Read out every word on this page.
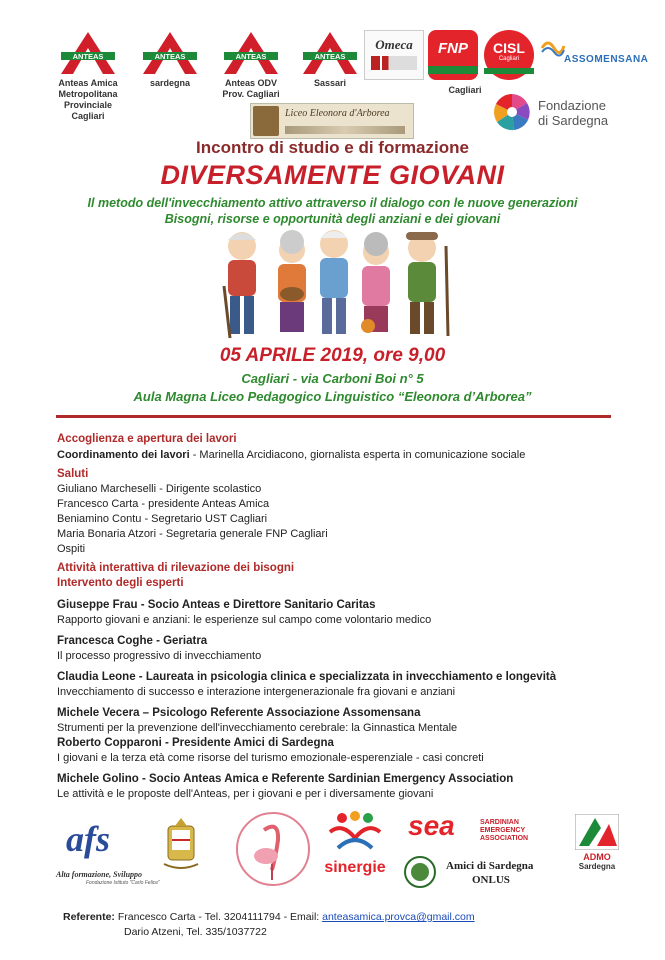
ANTEAS
Anteas Amica
Metropolitana
Provinciale Cagliari
ANTEAS
sardegna
ANTEAS
Anteas ODV
Prov. Cagliari
ANTEAS
Sassari
Omeca	FNP
Cagliari
CISL
Cagliari	ASSOMENSANA
Fondazione
di Sardegna
Liceo Eleonora d'Arborea
Incontro di studio e di formazione
DIVERSAMENTE GIOVANI
Il metodo dell'invecchiamento attivo attraverso il dialogo con le nuove generazioni
Bisogni, risorse e opportunità degli anziani e dei giovani
05 APRILE 2019, ore 9,00
Cagliari - via Carboni Boi n° 5
Aula Magna Liceo Pedagogico Linguistico “Eleonora d’Arborea”
Accoglienza e apertura dei lavori
Coordinamento dei lavori - Marinella Arcidiacono, giornalista esperta in comunicazione sociale
Saluti
Giuliano Marcheselli - Dirigente scolastico
Francesco Carta - presidente Anteas Amica
Beniamino Contu - Segretario UST Cagliari
Maria Bonaria Atzori - Segretaria generale FNP Cagliari
Ospiti
Attività interattiva di rilevazione dei bisogni
Intervento degli esperti
Giuseppe Frau - Socio Anteas e Direttore Sanitario Caritas
Rapporto giovani e anziani: le esperienze sul campo come volontario medico
Francesca Coghe - Geriatra
Il processo progressivo di invecchiamento
Claudia Leone - Laureata in psicologia clinica e specializzata in invecchiamento e longevità
Invecchiamento di successo e interazione intergenerazionale fra giovani e anziani
Michele Vecera – Psicologo Referente Associazione Assomensana
Strumenti per la prevenzione dell'invecchiamento cerebrale: la Ginnastica Mentale
Roberto Copparoni - Presidente Amici di Sardegna
I giovani e la terza età come risorse del turismo emozionale-esperenziale - casi concreti
Michele Golino - Socio Anteas Amica e Referente Sardinian Emergency Association
Le attività e le proposte dell'Anteas, per i giovani e per i diversamente giovani
afs
Alta formazione, Sviluppo
Fondazione Istituto "Carlo Felice"
sinergie
sea	SARDINIAN
EMERGENCY
ASSOCIATION
Amici di Sardegna
ONLUS
ADMO
Sardegna
Referente: Francesco Carta - Tel. 3204111794 - Email: anteasamica.provca@gmail.com
Dario Atzeni, Tel. 335/1037722
